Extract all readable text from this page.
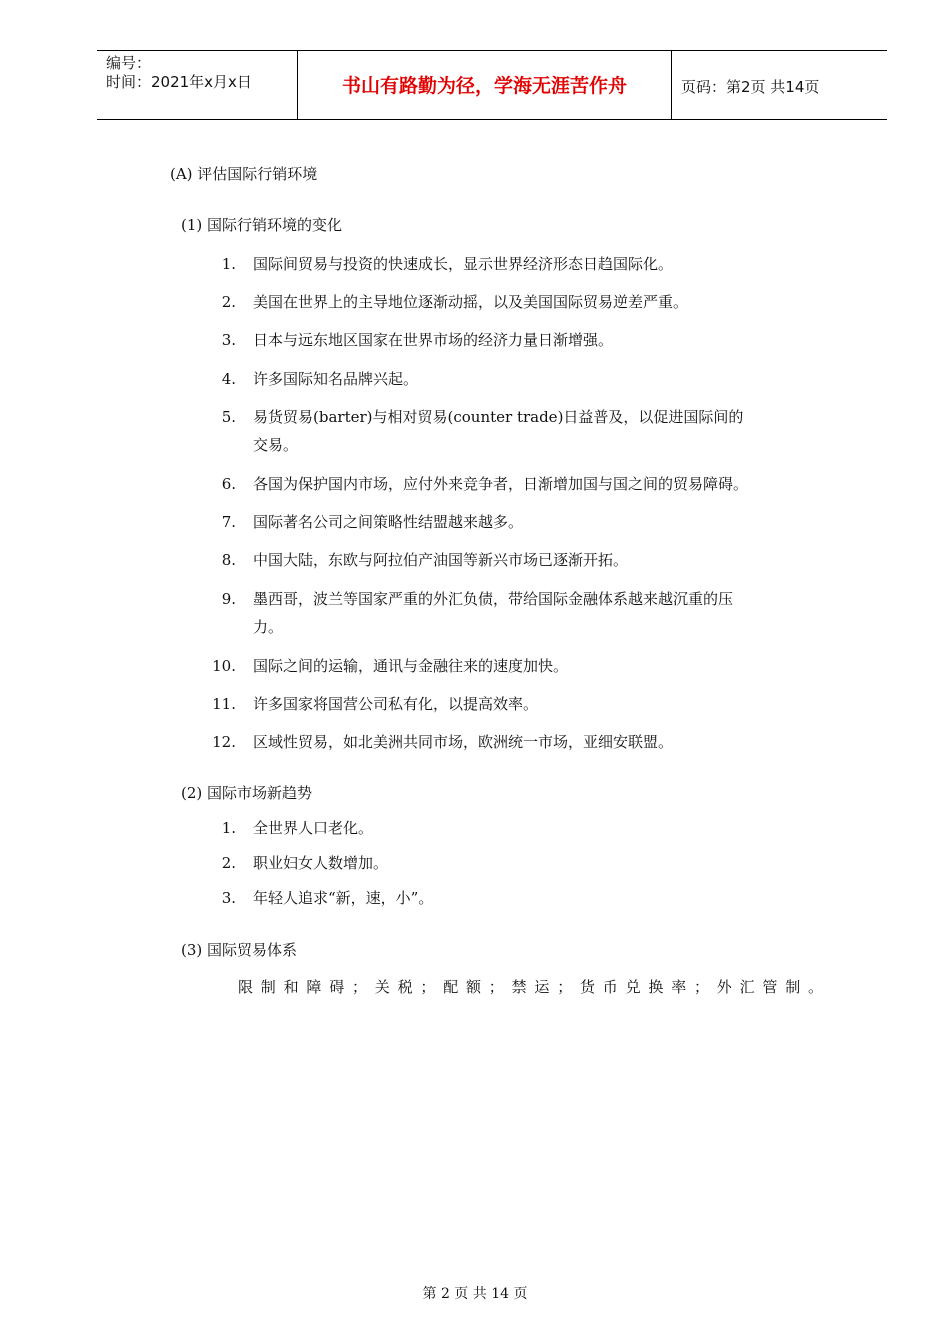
编号：
时间：2021年x月x日	书山有路勤为径，学海无涯苦作舟	页码：第2页 共14页
(A) 评估国际行销环境
(1) 国际行销环境的变化
1. 国际间贸易与投资的快速成长，显示世界经济形态日趋国际化。
2. 美国在世界上的主导地位逐渐动摇，以及美国国际贸易逆差严重。
3. 日本与远东地区国家在世界市场的经济力量日渐增强。
4. 许多国际知名品牌兴起。
5. 易货贸易(barter)与相对贸易(counter trade)日益普及，以促进国际间的
交易。
6. 各国为保护国内市场，应付外来竞争者，日渐增加国与国之间的贸易障碍。
7. 国际著名公司之间策略性结盟越来越多。
8. 中国大陆，东欧与阿拉伯产油国等新兴市场已逐渐开拓。
9. 墨西哥，波兰等国家严重的外汇负债，带给国际金融体系越来越沉重的压
力。
10. 国际之间的运输，通讯与金融往来的速度加快。
11. 许多国家将国营公司私有化，以提高效率。
12. 区域性贸易，如北美洲共同市场，欧洲统一市场，亚细安联盟。
(2) 国际市场新趋势
1. 全世界人口老化。
2. 职业妇女人数增加。
3. 年轻人追求“新，速，小”。
(3) 国际贸易体系
限制和障碍；关税；配额；禁运；货币兑换率；外汇管制。
第 2 页 共 14 页
